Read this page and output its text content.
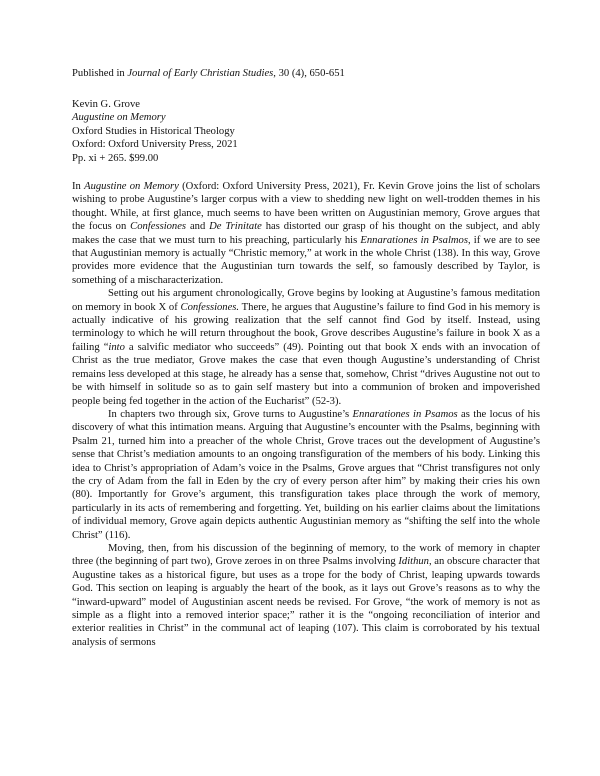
Published in Journal of Early Christian Studies, 30 (4), 650-651
Kevin G. Grove
Augustine on Memory
Oxford Studies in Historical Theology
Oxford: Oxford University Press, 2021
Pp. xi + 265. $99.00

In Augustine on Memory (Oxford: Oxford University Press, 2021), Fr. Kevin Grove joins the list of scholars wishing to probe Augustine’s larger corpus with a view to shedding new light on well-trodden themes in his thought. While, at first glance, much seems to have been written on Augustinian memory, Grove argues that the focus on Confessiones and De Trinitate has distorted our grasp of his thought on the subject, and ably makes the case that we must turn to his preaching, particularly his Ennarationes in Psalmos, if we are to see that Augustinian memory is actually “Christic memory,” at work in the whole Christ (138). In this way, Grove provides more evidence that the Augustinian turn towards the self, so famously described by Taylor, is something of a mischaracterization.

Setting out his argument chronologically, Grove begins by looking at Augustine’s famous meditation on memory in book X of Confessiones. There, he argues that Augustine’s failure to find God in his memory is actually indicative of his growing realization that the self cannot find God by itself. Instead, using terminology to which he will return throughout the book, Grove describes Augustine’s failure in book X as a failing “into a salvific mediator who succeeds” (49). Pointing out that book X ends with an invocation of Christ as the true mediator, Grove makes the case that even though Augustine’s understanding of Christ remains less developed at this stage, he already has a sense that, somehow, Christ “drives Augustine not out to be with himself in solitude so as to gain self mastery but into a communion of broken and impoverished people being fed together in the action of the Eucharist” (52-3).

In chapters two through six, Grove turns to Augustine’s Ennarationes in Psamos as the locus of his discovery of what this intimation means. Arguing that Augustine’s encounter with the Psalms, beginning with Psalm 21, turned him into a preacher of the whole Christ, Grove traces out the development of Augustine’s sense that Christ’s mediation amounts to an ongoing transfiguration of the members of his body. Linking this idea to Christ’s appropriation of Adam’s voice in the Psalms, Grove argues that “Christ transfigures not only the cry of Adam from the fall in Eden by the cry of every person after him” by making their cries his own (80). Importantly for Grove’s argument, this transfiguration takes place through the work of memory, particularly in its acts of remembering and forgetting. Yet, building on his earlier claims about the limitations of individual memory, Grove again depicts authentic Augustinian memory as “shifting the self into the whole Christ” (116).

Moving, then, from his discussion of the beginning of memory, to the work of memory in chapter three (the beginning of part two), Grove zeroes in on three Psalms involving Idithun, an obscure character that Augustine takes as a historical figure, but uses as a trope for the body of Christ, leaping upwards towards God. This section on leaping is arguably the heart of the book, as it lays out Grove’s reasons as to why the “inward-upward” model of Augustinian ascent needs be revised. For Grove, “the work of memory is not as simple as a flight into a removed interior space;” rather it is the “ongoing reconciliation of interior and exterior realities in Christ” in the communal act of leaping (107). This claim is corroborated by his textual analysis of sermons
